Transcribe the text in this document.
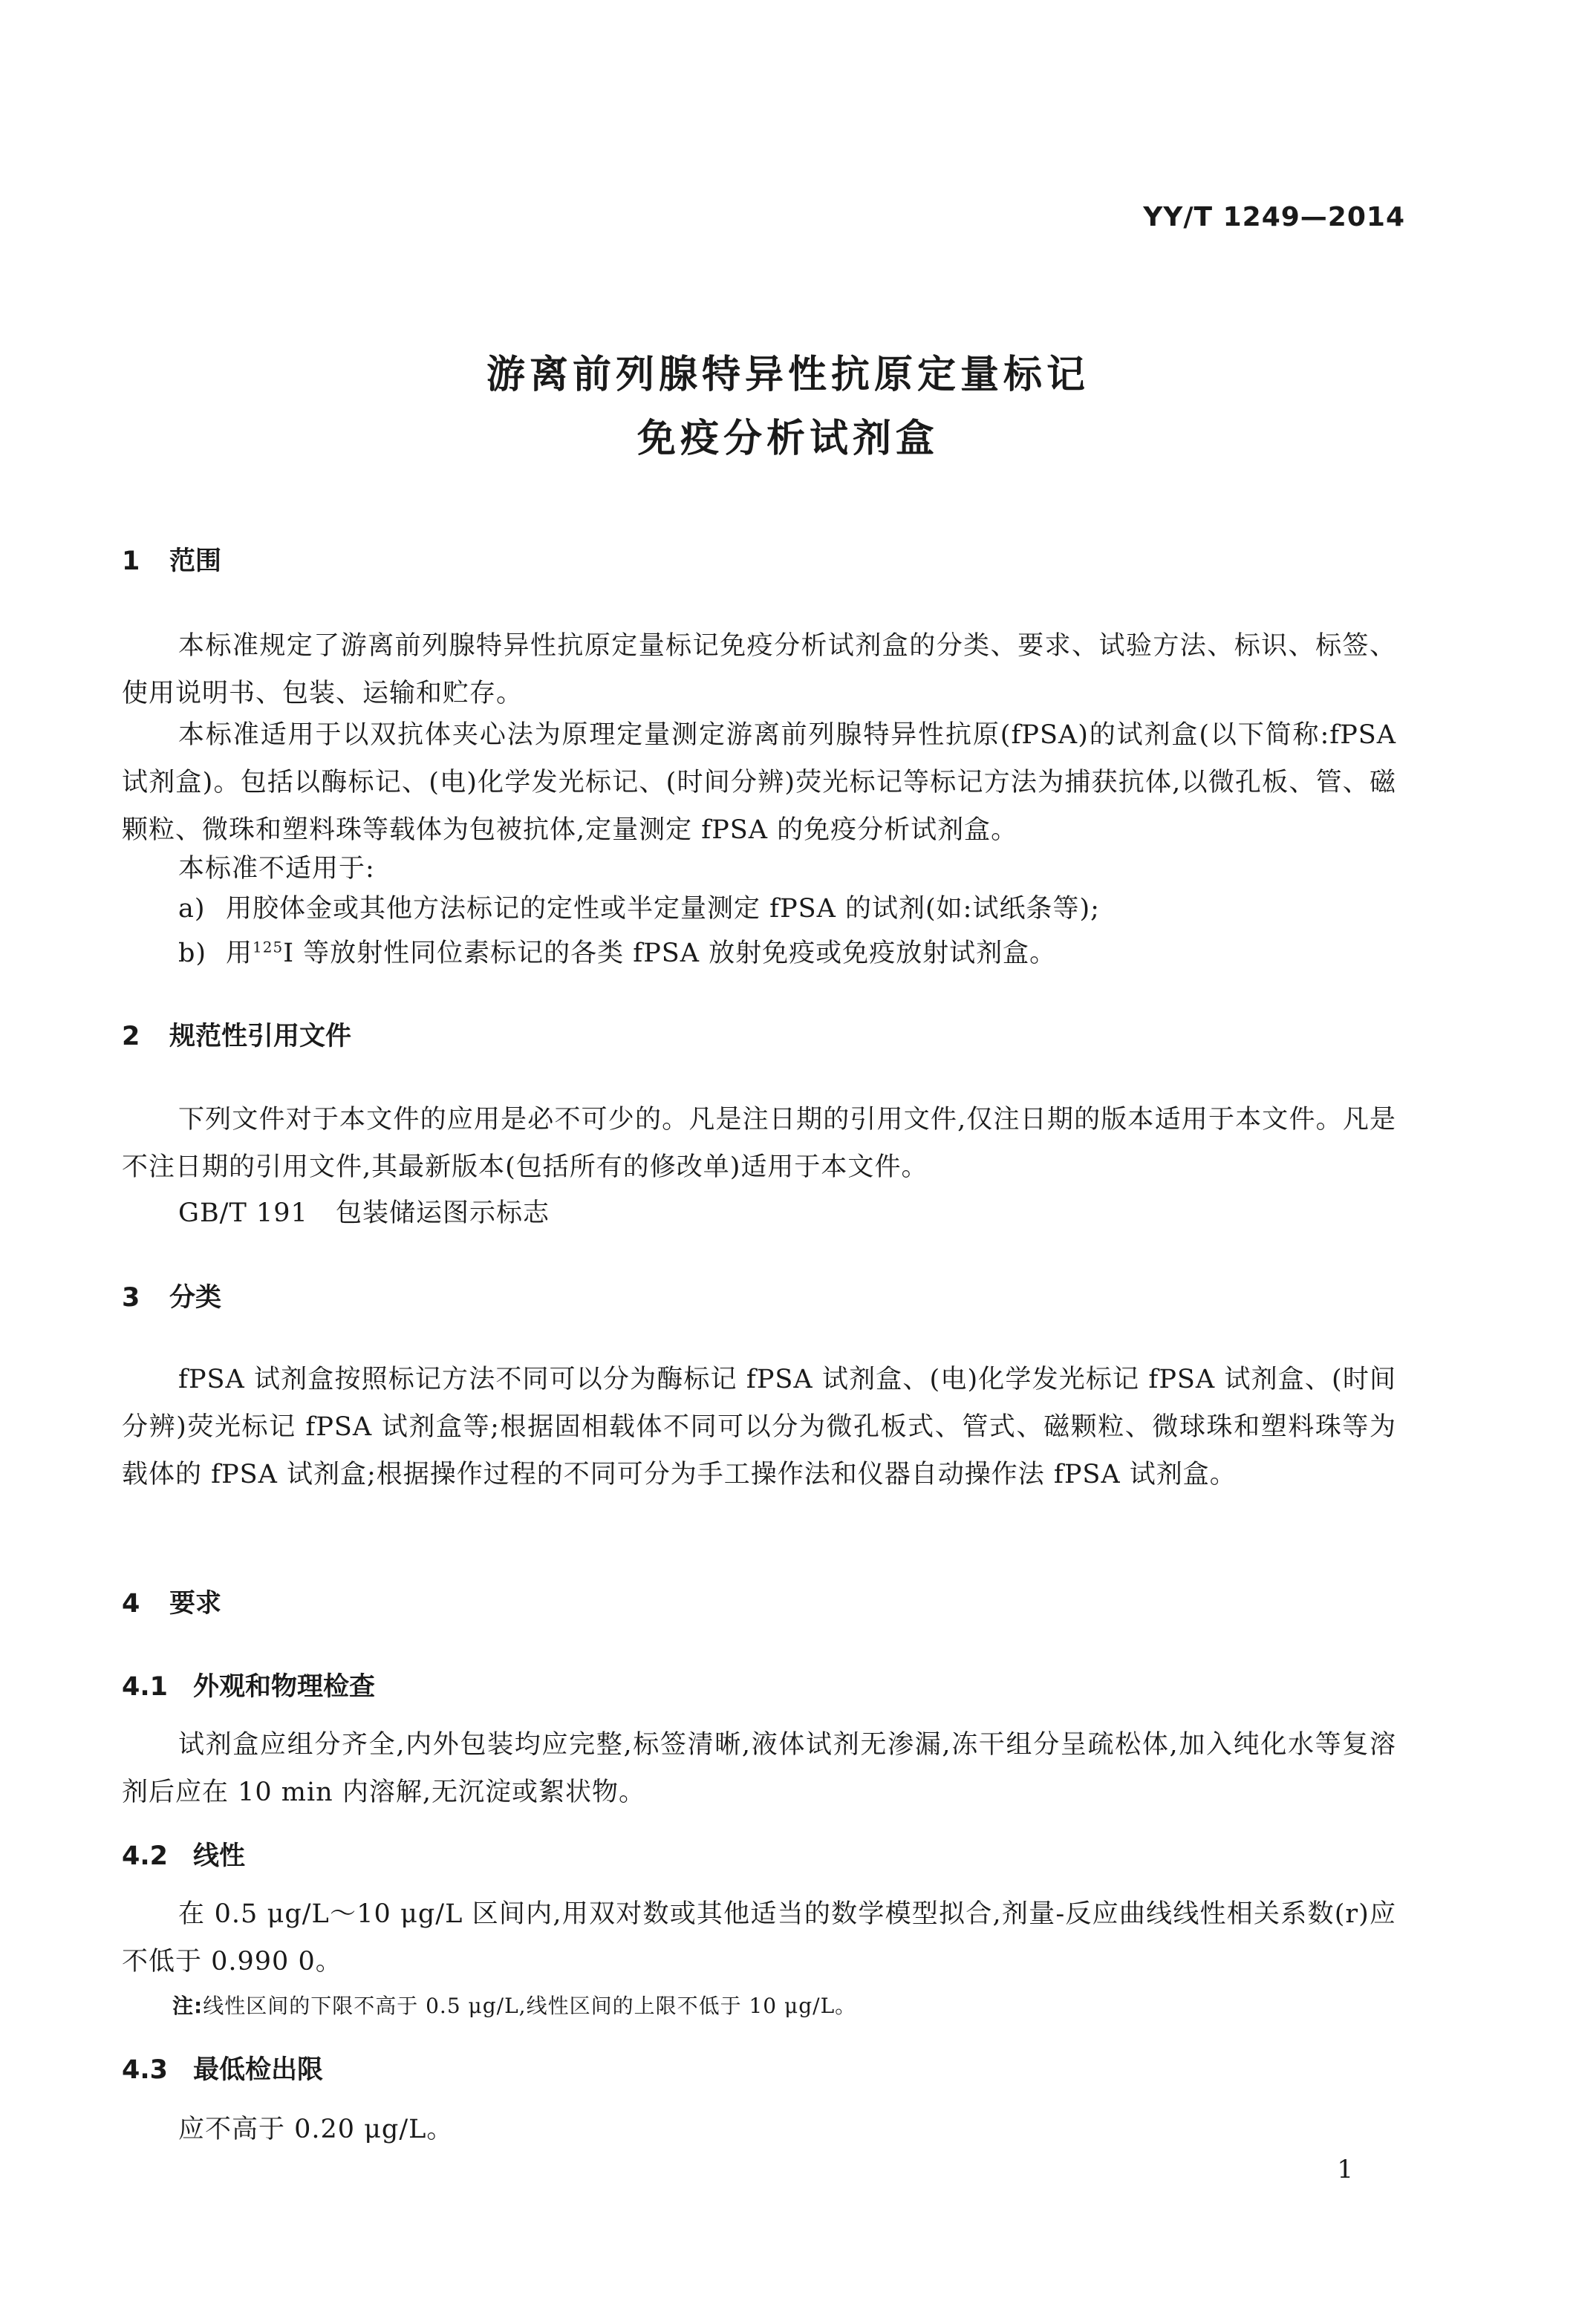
YY/T 1249—2014
游离前列腺特异性抗原定量标记
免疫分析试剂盒
1 范围
本标准规定了游离前列腺特异性抗原定量标记免疫分析试剂盒的分类、要求、试验方法、标识、标签、使用说明书、包装、运输和贮存。
本标准适用于以双抗体夹心法为原理定量测定游离前列腺特异性抗原(fPSA)的试剂盒(以下简称:fPSA 试剂盒)。包括以酶标记、(电)化学发光标记、(时间分辨)荧光标记等标记方法为捕获抗体,以微孔板、管、磁颗粒、微珠和塑料珠等载体为包被抗体,定量测定 fPSA 的免疫分析试剂盒。
本标准不适用于:
a) 用胶体金或其他方法标记的定性或半定量测定 fPSA 的试剂(如:试纸条等);
b) 用$^{125}$I 等放射性同位素标记的各类 fPSA 放射免疫或免疫放射试剂盒。
2 规范性引用文件
下列文件对于本文件的应用是必不可少的。凡是注日期的引用文件,仅注日期的版本适用于本文件。凡是不注日期的引用文件,其最新版本(包括所有的修改单)适用于本文件。
GB/T 191 包装储运图示标志
3 分类
fPSA 试剂盒按照标记方法不同可以分为酶标记 fPSA 试剂盒、(电)化学发光标记 fPSA 试剂盒、(时间分辨)荧光标记 fPSA 试剂盒等;根据固相载体不同可以分为微孔板式、管式、磁颗粒、微球珠和塑料珠等为载体的 fPSA 试剂盒;根据操作过程的不同可分为手工操作法和仪器自动操作法 fPSA 试剂盒。
4 要求
4.1 外观和物理检查
试剂盒应组分齐全,内外包装均应完整,标签清晰,液体试剂无渗漏,冻干组分呈疏松体,加入纯化水等复溶剂后应在 10 min 内溶解,无沉淀或絮状物。
4.2 线性
在 0.5 μg/L～10 μg/L 区间内,用双对数或其他适当的数学模型拟合,剂量-反应曲线线性相关系数(r)应不低于 0.990 0。
注:线性区间的下限不高于 0.5 μg/L,线性区间的上限不低于 10 μg/L。
4.3 最低检出限
应不高于 0.20 μg/L。
1
